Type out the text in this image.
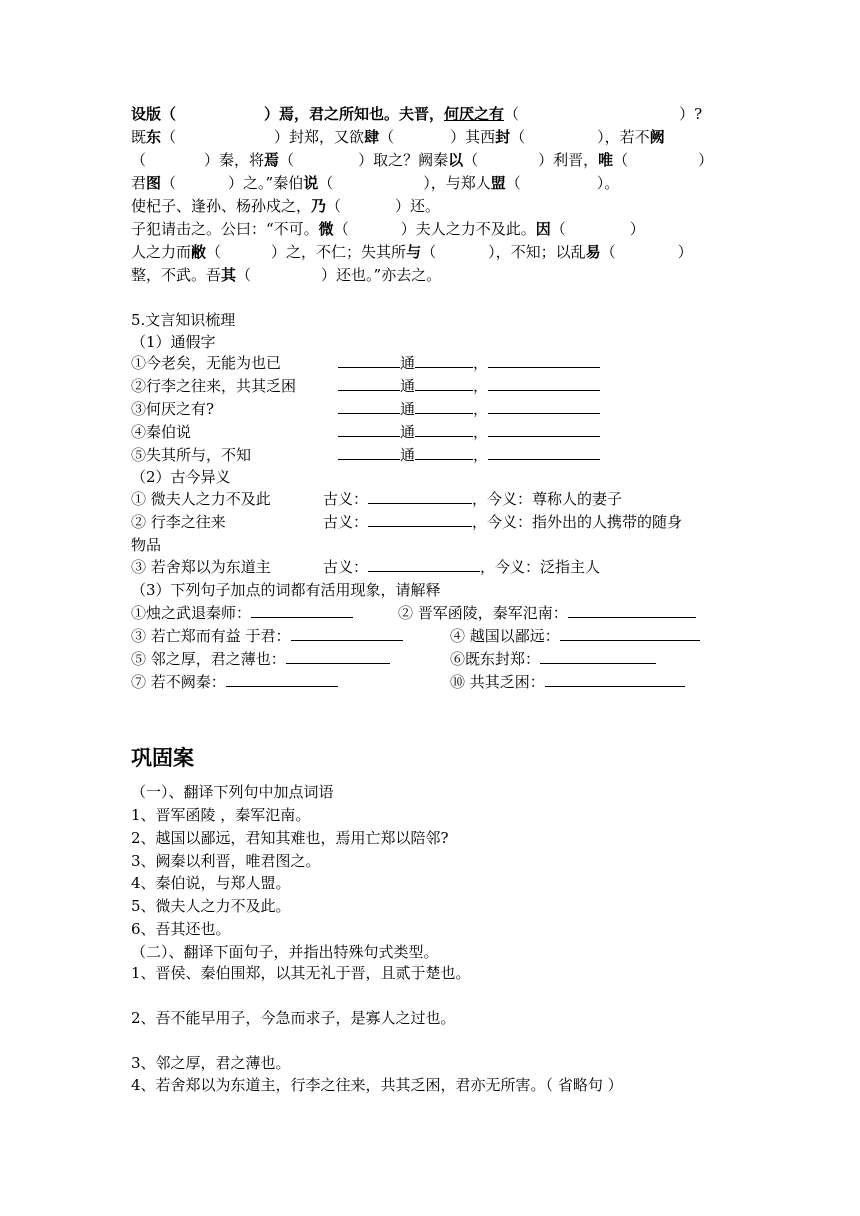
设版（	）焉，君之所知也。夫晋，何厌之有（	）?
既东（	）封郑，又欲肆（	）其西封（	），若不阙
（	）秦，将焉（	）取之？阙秦以（	）利晋，唯（	）
君图（	）之。”秦伯说（	），与郑人盟（	）。
使杞子、逢孙、杨孙戍之，乃（	）还。
子犯请击之。公曰：“不可。微（	）夫人之力不及此。因（	）
人之力而敝（	）之，不仁；失其所与（	），不知；以乱易（	）
整，不武。吾其（	）还也。”亦去之。
5.文言知识梳理
（1）通假字
（2）古今异义
物品
（3）下列句子加点的词都有活用现象，请解释
巩固案
（一）、翻译下列句中加点词语
（二）、翻译下面句子，并指出特殊句式类型。
①今老矣，无能为也已	通	，
②行李之往来，共其乏困	通	，
③何厌之有?	通	，
④秦伯说	通	，
⑤失其所与，不知	通	，
① 微夫人之力不及此	古义：	，今义：尊称人的妻子
② 行李之往来	古义：	，今义：指外出的人携带的随身
③ 若舍郑以为东道主	古义：	，今义：泛指主人
①烛之武退秦师：	② 晋军函陵，秦军氾南：
③ 若亡郑而有益 于君：	④ 越国以鄙远：
⑤ 邻之厚，君之薄也：	⑥既东封郑：
⑦ 若不阙秦：	⑩ 共其乏困：
1、晋军函陵 ，秦军氾南。
2、越国以鄙远，君知其难也，焉用亡郑以陪邻?
3、阙秦以利晋，唯君图之。
4、秦伯说，与郑人盟。
5、微夫人之力不及此。
6、吾其还也。
1、晋侯、秦伯围郑，以其无礼于晋，且贰于楚也。
2、吾不能早用子，今急而求子，是寡人之过也。
3、邻之厚，君之薄也。
4、若舍郑以为东道主，行李之往来，共其乏困，君亦无所害。（ 省略句 ）
